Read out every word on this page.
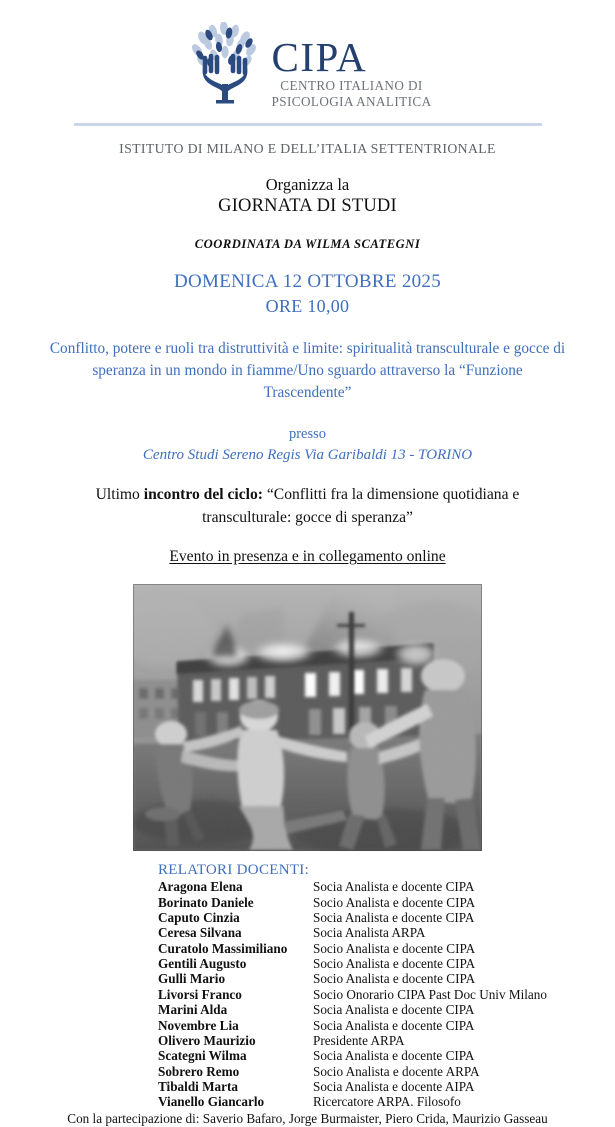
CIPA
CENTRO ITALIANO DI
PSICOLOGIA ANALITICA
ISTITUTO DI MILANO E DELL’ITALIA SETTENTRIONALE
Organizza la
GIORNATA DI STUDI
COORDINATA DA WILMA SCATEGNI
DOMENICA 12 OTTOBRE 2025
ORE 10,00
Conflitto, potere e ruoli tra distruttività e limite: spiritualità transculturale e gocce di speranza in un mondo in fiamme/Uno sguardo attraverso la “Funzione Trascendente”
presso
Centro Studi Sereno Regis Via Garibaldi 13 - TORINO
Ultimo incontro del ciclo: “Conflitti fra la dimensione quotidiana e transculturale: gocce di speranza”
Evento in presenza e in collegamento online
RELATORI DOCENTI:
Aragona Elena	Socia Analista e docente CIPA
Borinato Daniele	Socio Analista e docente CIPA
Caputo Cinzia	Socia Analista e docente CIPA
Ceresa Silvana	Socia Analista ARPA
Curatolo Massimiliano	Socio Analista e docente CIPA
Gentili Augusto	Socio Analista e docente CIPA
Gulli Mario	Socio Analista e docente CIPA
Livorsi Franco	Socio Onorario CIPA Past Doc Univ Milano
Marini Alda	Socia Analista e docente CIPA
Novembre Lia	Socia Analista e docente CIPA
Olivero Maurizio	Presidente ARPA
Scategni Wilma	Socia Analista e docente CIPA
Sobrero Remo	Socio Analista e docente ARPA
Tibaldi Marta	Socia Analista e docente AIPA
Vianello Giancarlo	Ricercatore ARPA. Filosofo
Con la partecipazione di: Saverio Bafaro, Jorge Burmaister, Piero Crida, Maurizio Gasseau
